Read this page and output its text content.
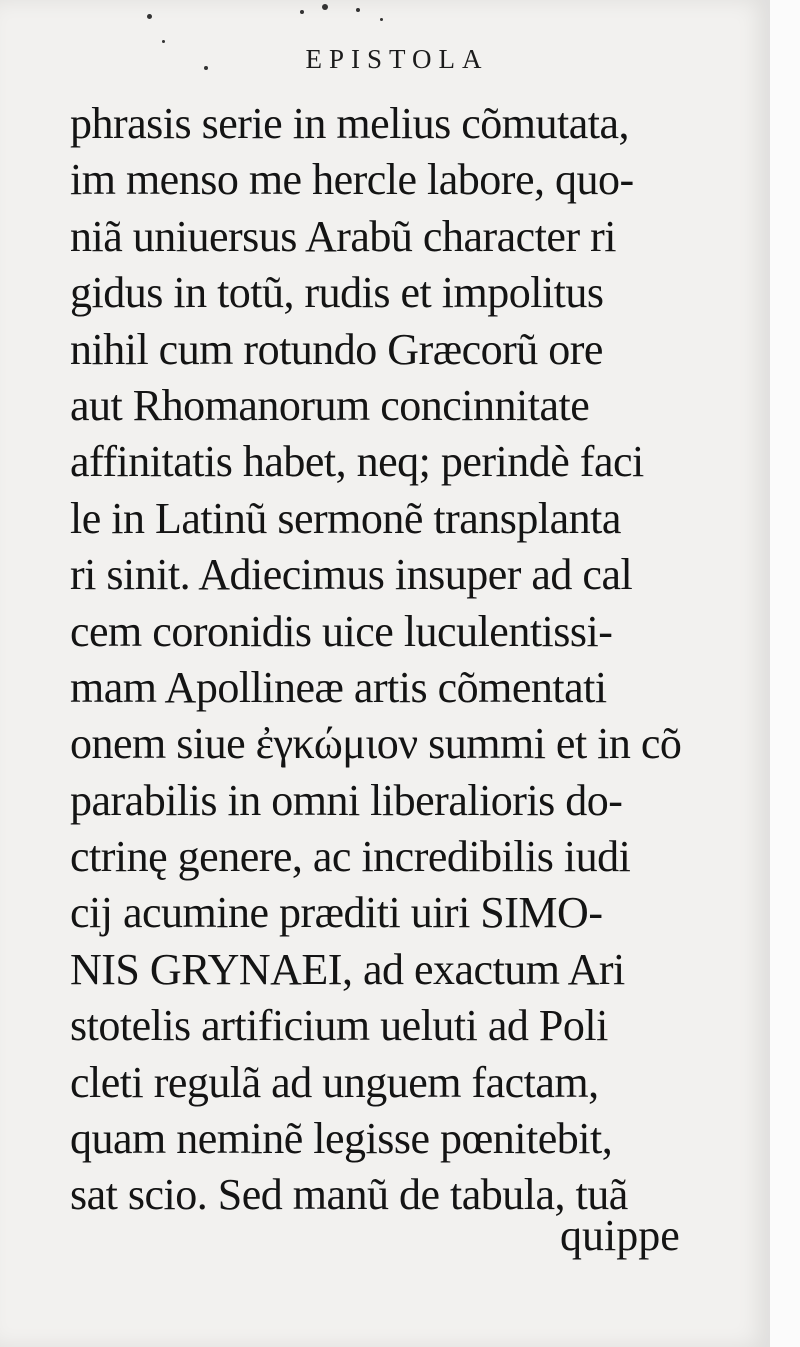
EPISTOLA
phrasis serie in melius cõmutata,
im menso me hercle labore, quo-
niã uniuersus Arabũ character ri
gidus in totũ, rudis et impolitus
nihil cum rotundo Græcorũ ore
aut Rhomanorum concinnitate
affinitatis habet, neq; perindè faci
le in Latinũ sermonẽ transplanta
ri sinit. Adiecimus insuper ad cal
cem coronidis uice luculentissi-
mam Apollineæ artis cõmentati
onem siue ἐγκώμιον summi et in cõ
parabilis in omni liberalioris do-
ctrinę genere, ac incredibilis iudi
cij acumine præditi uiri SIMO-
NIS GRYNAEI, ad exactum Ari
stotelis artificium ueluti ad Poli
cleti regulã ad unguem factam,
quam neminẽ legisse pœnitebit,
sat scio. Sed manũ de tabula, tuã
quippe
